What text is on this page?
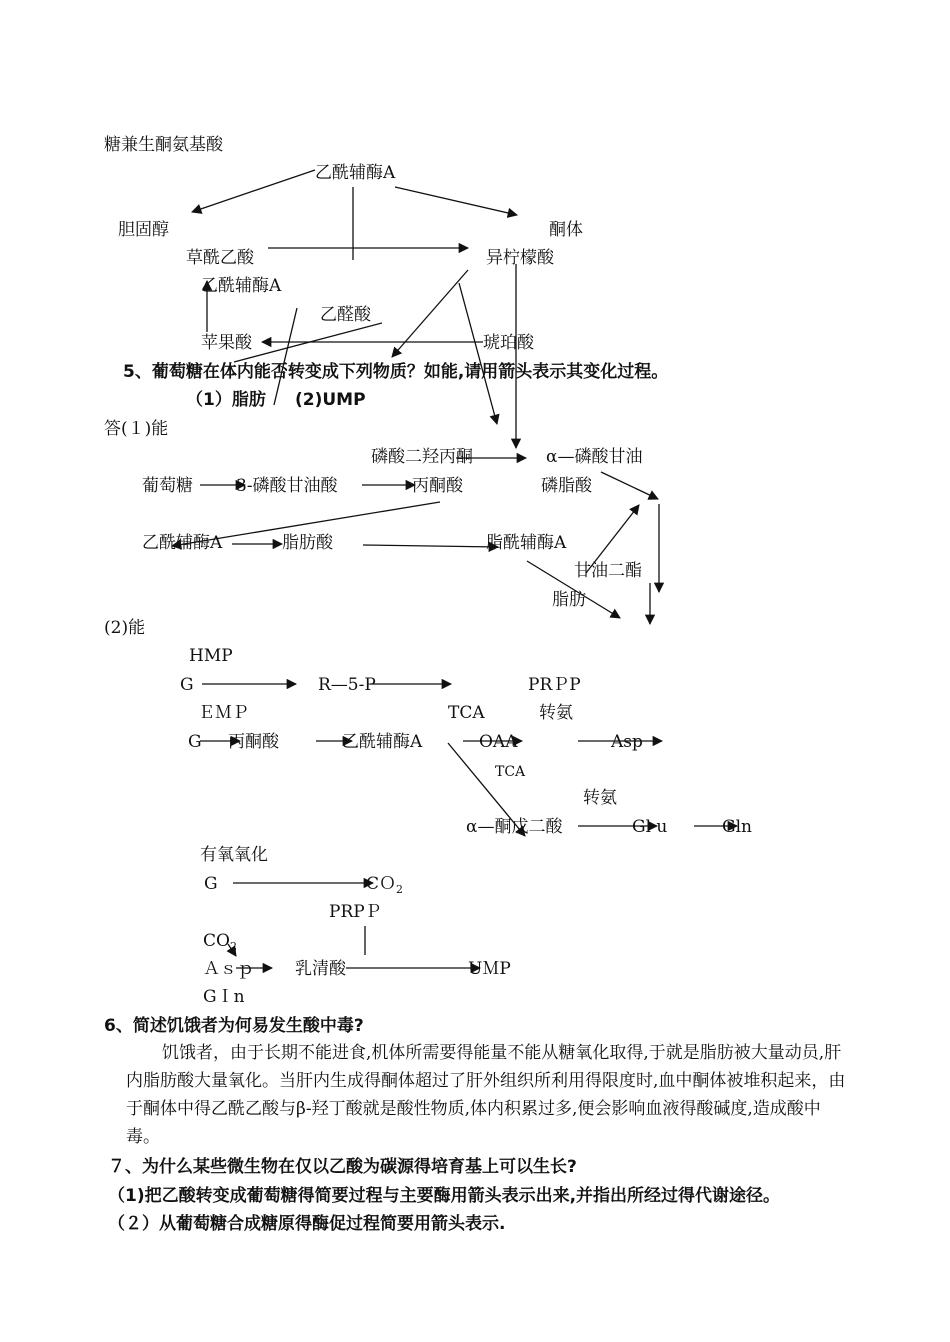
糖兼生酮氨基酸
乙酰辅酶A
胆固醇	酮体
草酰乙酸	异柠檬酸
乙酰辅酶A
乙醛酸
苹果酸	琥珀酸
5、葡萄糖在体内能否转变成下列物质？如能,请用箭头表示其变化过程。
（1）脂肪 (2)UMP
答(１)能
磷酸二羟丙酮	α—磷酸甘油
葡萄糖	3-磷酸甘油酸	丙酮酸	磷脂酸
乙酰辅酶A	脂肪酸	脂酰辅酶A
甘油二酯
脂肪
(2)能
HMP
G	R—5-P	PRＰP
ＥＭＰ	TCA	转氨
G 丙酮酸	乙酰辅酶A	OAA	Asp
TCA
转氨
α—酮戊二酸	Gl u	Gln
有氧氧化
G	CＯ$_2$
PRPＰ
$CO_2$
Ａｓｐ 乳清酸	UＭP
GＩn
6、简述饥饿者为何易发生酸中毒?
饥饿者，由于长期不能进食,机体所需要得能量不能从糖氧化取得,于就是脂肪被大量动员,肝内脂肪酸大量氧化。当肝内生成得酮体超过了肝外组织所利用得限度时,血中酮体被堆积起来，由于酮体中得乙酰乙酸与β-羟丁酸就是酸性物质,体内积累过多,便会影响血液得酸碱度,造成酸中毒。
７、为什么某些微生物在仅以乙酸为碳源得培育基上可以生长?
（1)把乙酸转变成葡萄糖得简要过程与主要酶用箭头表示出来,并指出所经过得代谢途径。
（２）从葡萄糖合成糖原得酶促过程简要用箭头表示.
